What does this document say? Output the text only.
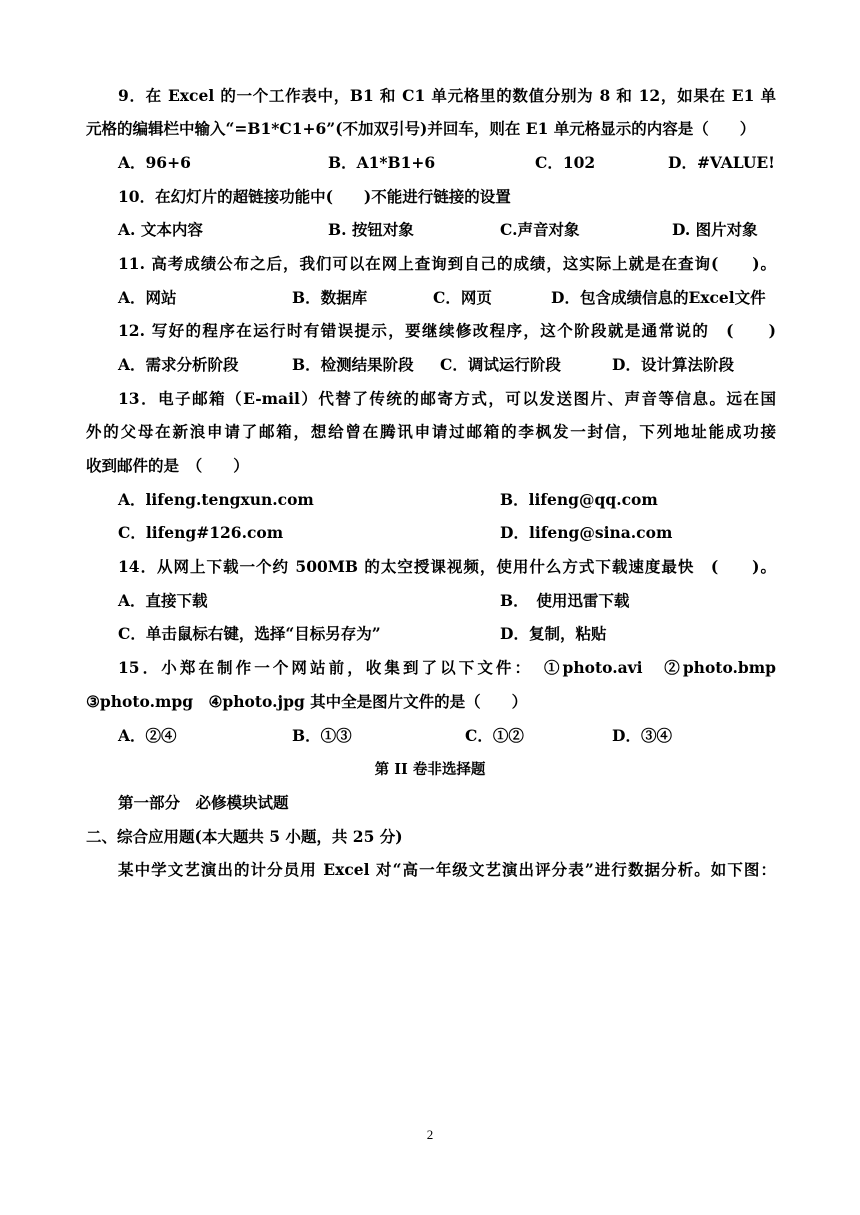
9．在 Excel 的一个工作表中，B1 和 C1 单元格里的数值分别为 8 和 12，如果在 E1 单
元格的编辑栏中输入“=B1*C1+6”(不加双引号)并回车，则在 E1 单元格显示的内容是（　　）
A．96+6	B．A1*B1+6	C．102	D．#VALUE!
10．在幻灯片的超链接功能中(　　)不能进行链接的设置
A. 文本内容	B. 按钮对象	C.声音对象	D. 图片对象
11. 高考成绩公布之后，我们可以在网上查询到自己的成绩，这实际上就是在查询(　　)。
A．网站	B．数据库	C．网页	D．包含成绩信息的Excel文件
12. 写好的程序在运行时有错误提示，要继续修改程序，这个阶段就是通常说的　(　　)
A．需求分析阶段	B．检测结果阶段 C．调试运行阶段	D．设计算法阶段
13．电子邮箱（E-mail）代替了传统的邮寄方式，可以发送图片、声音等信息。远在国
外的父母在新浪申请了邮箱，想给曾在腾讯申请过邮箱的李枫发一封信，下列地址能成功接
收到邮件的是　（　　）
A．lifeng.tengxun.com	B．lifeng@qq.com
C．lifeng#126.com	D．lifeng@sina.com
14．从网上下载一个约 500MB 的太空授课视频，使用什么方式下载速度最快　(　　)。
A．直接下载	B．　使用迅雷下载
C．单击鼠标右键，选择“目标另存为”	D．复制，粘贴
15．小郑在制作一个网站前，收集到了以下文件：　①photo.avi　②photo.bmp
③photo.mpg　④photo.jpg 其中全是图片文件的是（　　）
A．②④	B．①③	C．①②	D．③④
第 II 卷非选择题
第一部分　必修模块试题
二、综合应用题(本大题共 5 小题，共 25 分)
某中学文艺演出的计分员用 Excel 对“高一年级文艺演出评分表”进行数据分析。如下图：
2
